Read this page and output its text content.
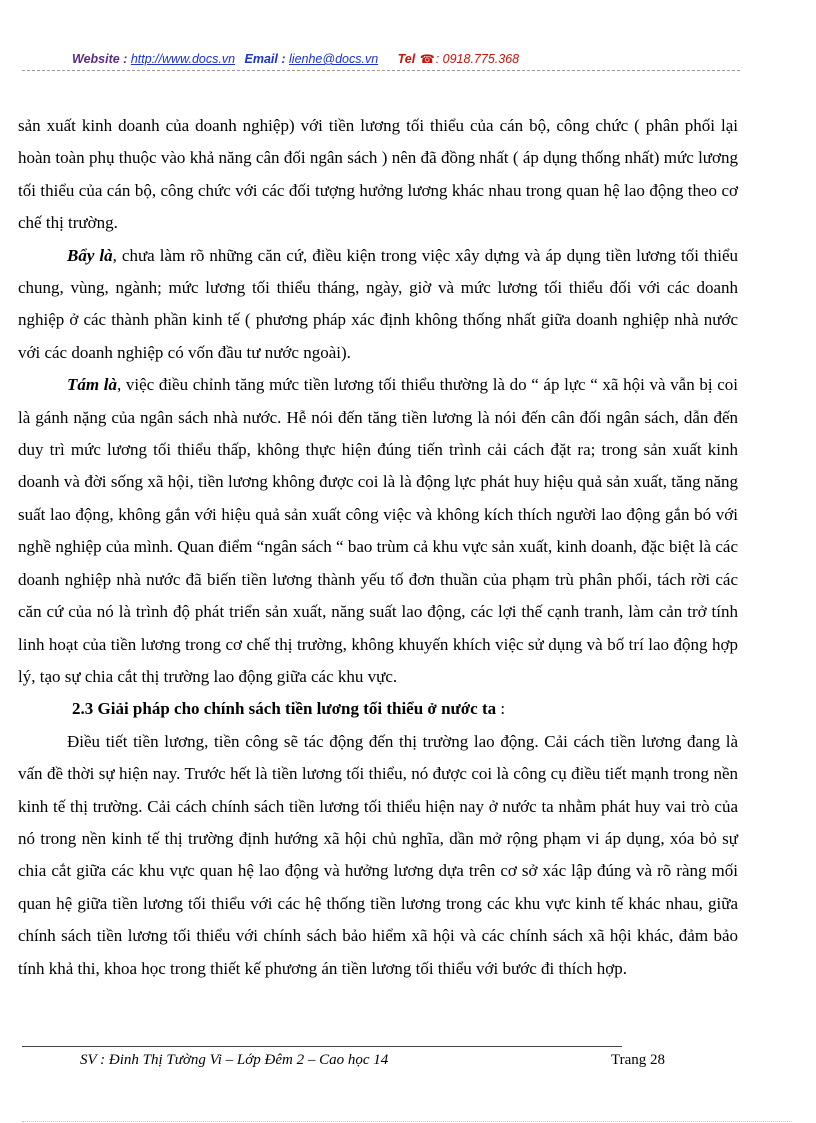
Website : http://www.docs.vn Email : lienhe@docs.vn Tel ☎: 0918.775.368

sản xuất kinh doanh của doanh nghiệp) với tiền lương tối thiểu của cán bộ, công chức ( phân phối lại hoàn toàn phụ thuộc vào khả năng cân đối ngân sách ) nên đã đồng nhất ( áp dụng thống nhất) mức lương tối thiểu của cán bộ, công chức với các đối tượng hưởng lương khác nhau trong quan hệ lao động theo cơ chế thị trường.

Bẩy là, chưa làm rõ những căn cứ, điều kiện trong việc xây dựng và áp dụng tiền lương tối thiểu chung, vùng, ngành; mức lương tối thiểu tháng, ngày, giờ và mức lương tối thiểu đối với các doanh nghiệp ở các thành phần kinh tế ( phương pháp xác định không thống nhất giữa doanh nghiệp nhà nước với các doanh nghiệp có vốn đầu tư nước ngoài).

Tám là, việc điều chỉnh tăng mức tiền lương tối thiểu thường là do “ áp lực “ xã hội và vẫn bị coi là gánh nặng của ngân sách nhà nước. Hễ nói đến tăng tiền lương là nói đến cân đối ngân sách, dẫn đến duy trì mức lương tối thiểu thấp, không thực hiện đúng tiến trình cải cách đặt ra; trong sản xuất kinh doanh và đời sống xã hội, tiền lương không được coi là là động lực phát huy hiệu quả sản xuất, tăng năng suất lao động, không gắn với hiệu quả sản xuất công việc và không kích thích người lao động gắn bó với nghề nghiệp của mình. Quan điểm “ngân sách “ bao trùm cả khu vực sản xuất, kinh doanh, đặc biệt là các doanh nghiệp nhà nước đã biến tiền lương thành yếu tố đơn thuần của phạm trù phân phối, tách rời các căn cứ của nó là trình độ phát triển sản xuất, năng suất lao động, các lợi thế cạnh tranh, làm cản trở tính linh hoạt của tiền lương trong cơ chế thị trường, không khuyến khích việc sử dụng và bố trí lao động hợp lý, tạo sự chia cắt thị trường lao động giữa các khu vực.

2.3 Giải pháp cho chính sách tiền lương tối thiểu ở nước ta :

Điều tiết tiền lương, tiền công sẽ tác động đến thị trường lao động. Cải cách tiền lương đang là vấn đề thời sự hiện nay. Trước hết là tiền lương tối thiểu, nó được coi là công cụ điều tiết mạnh trong nền kinh tế thị trường. Cải cách chính sách tiền lương tối thiểu hiện nay ở nước ta nhằm phát huy vai trò của nó trong nền kinh tế thị trường định hướng xã hội chủ nghĩa, dần mở rộng phạm vi áp dụng, xóa bỏ sự chia cắt giữa các khu vực quan hệ lao động và hưởng lương dựa trên cơ sở xác lập đúng và rõ ràng mối quan hệ giữa tiền lương tối thiểu với các hệ thống tiền lương trong các khu vực kinh tế khác nhau, giữa chính sách tiền lương tối thiểu với chính sách bảo hiểm xã hội và các chính sách xã hội khác, đảm bảo tính khả thi, khoa học trong thiết kế phương án tiền lương tối thiểu với bước đi thích hợp.

SV : Đinh Thị Tường Vi – Lớp Đêm 2 – Cao học 14	Trang 28
